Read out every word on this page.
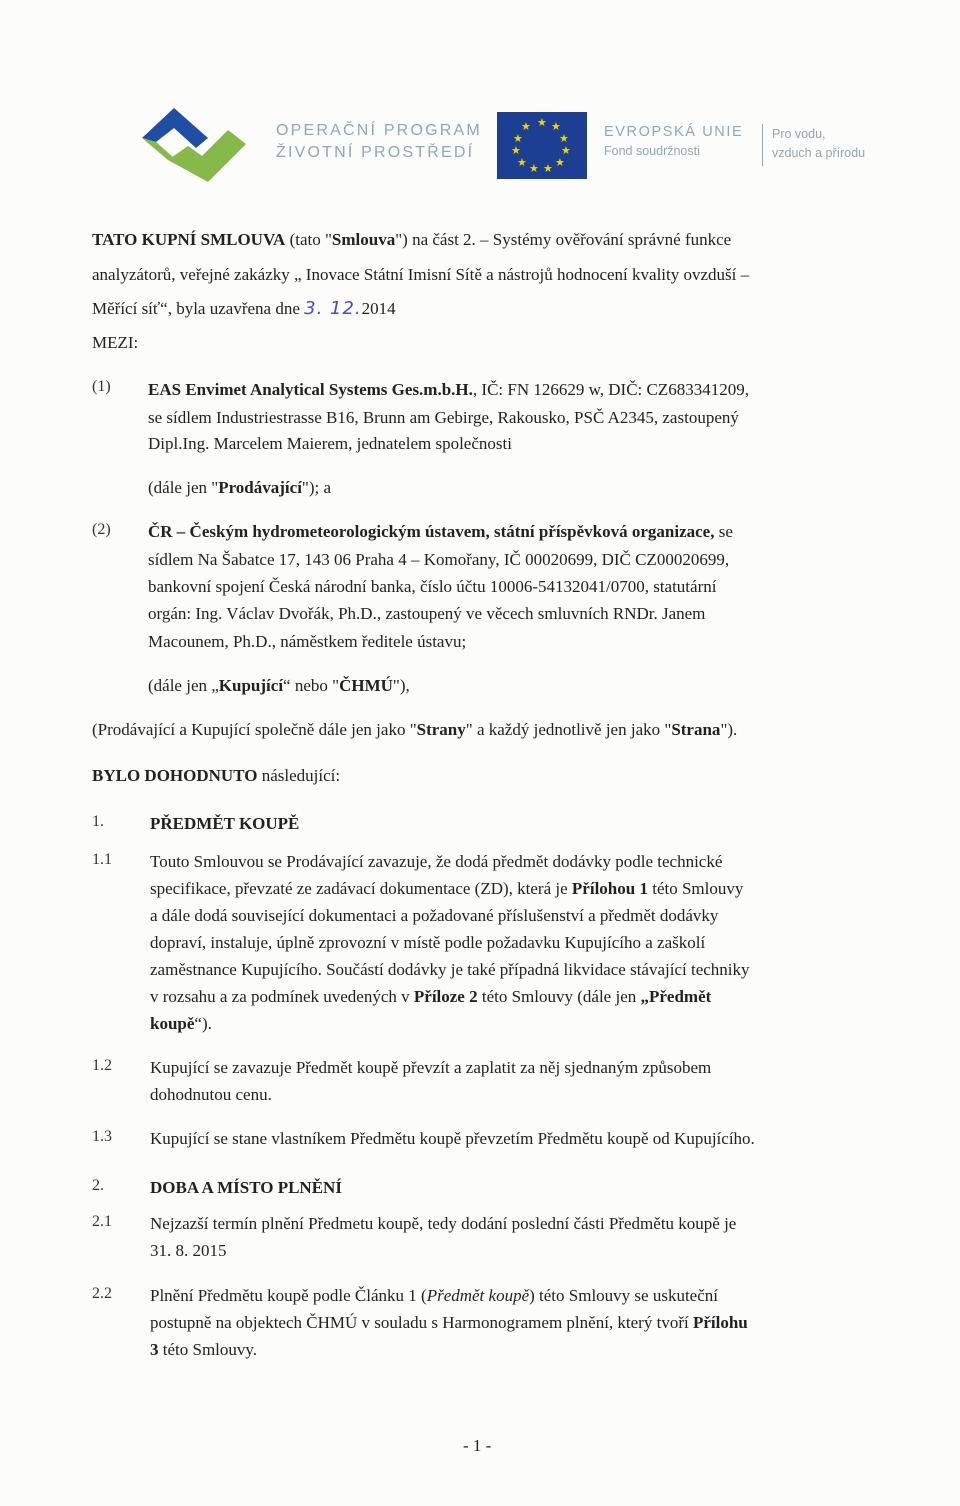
OPERAČNÍ PROGRAM
ŽIVOTNÍ PROSTŘEDÍ
★ ★
★
★
★
★
★
★
★
★
★	EVROPSKÁ UNIE
Fond soudržnosti
Pro vodu,
vzduch a přírodu
TATO KUPNÍ SMLOUVA (tato "Smlouva") na část 2. – Systémy ověřování správné funkce
analyzátorů, veřejné zakázky „ Inovace Státní Imisní Sítě a nástrojů hodnocení kvality ovzduší –
Měřící síť“, byla uzavřena dne 3. 12.2014
MEZI:
(1) EAS Envimet Analytical Systems Ges.m.b.H., IČ: FN 126629 w, DIČ: CZ683341209,
se sídlem Industriestrasse B16, Brunn am Gebirge, Rakousko, PSČ A2345, zastoupený
Dipl.Ing. Marcelem Maierem, jednatelem společnosti
(dále jen "Prodávající"); a
(2) ČR – Českým hydrometeorologickým ústavem, státní příspěvková organizace, se
sídlem Na Šabatce 17, 143 06 Praha 4 – Komořany, IČ 00020699, DIČ CZ00020699,
bankovní spojení Česká národní banka, číslo účtu 10006-54132041/0700, statutární
orgán: Ing. Václav Dvořák, Ph.D., zastoupený ve věcech smluvních RNDr. Janem
Macounem, Ph.D., náměstkem ředitele ústavu;
(dále jen „Kupující“ nebo "ČHMÚ"),
(Prodávající a Kupující společně dále jen jako "Strany" a každý jednotlivě jen jako "Strana").
BYLO DOHODNUTO následující:
1.	PŘEDMĚT KOUPĚ
1.1 Touto Smlouvou se Prodávající zavazuje, že dodá předmět dodávky podle technické
specifikace, převzaté ze zadávací dokumentace (ZD), která je Přílohou 1 této Smlouvy
a dále dodá související dokumentaci a požadované příslušenství a předmět dodávky
dopraví, instaluje, úplně zprovozní v místě podle požadavku Kupujícího a zaškolí
zaměstnance Kupujícího. Součástí dodávky je také případná likvidace stávající techniky
v rozsahu a za podmínek uvedených v Příloze 2 této Smlouvy (dále jen „Předmět
koupě“).
1.2 Kupující se zavazuje Předmět koupě převzít a zaplatit za něj sjednaným způsobem
dohodnutou cenu.
1.3 Kupující se stane vlastníkem Předmětu koupě převzetím Předmětu koupě od Kupujícího.
2.	DOBA A MÍSTO PLNĚNÍ
2.1 Nejzazší termín plnění Předmetu koupě, tedy dodání poslední části Předmětu koupě je
31. 8. 2015
2.2 Plnění Předmětu koupě podle Článku 1 (Předmět koupě) této Smlouvy se uskuteční
postupně na objektech ČHMÚ v souladu s Harmonogramem plnění, který tvoří Přílohu
3 této Smlouvy.
- 1 -
